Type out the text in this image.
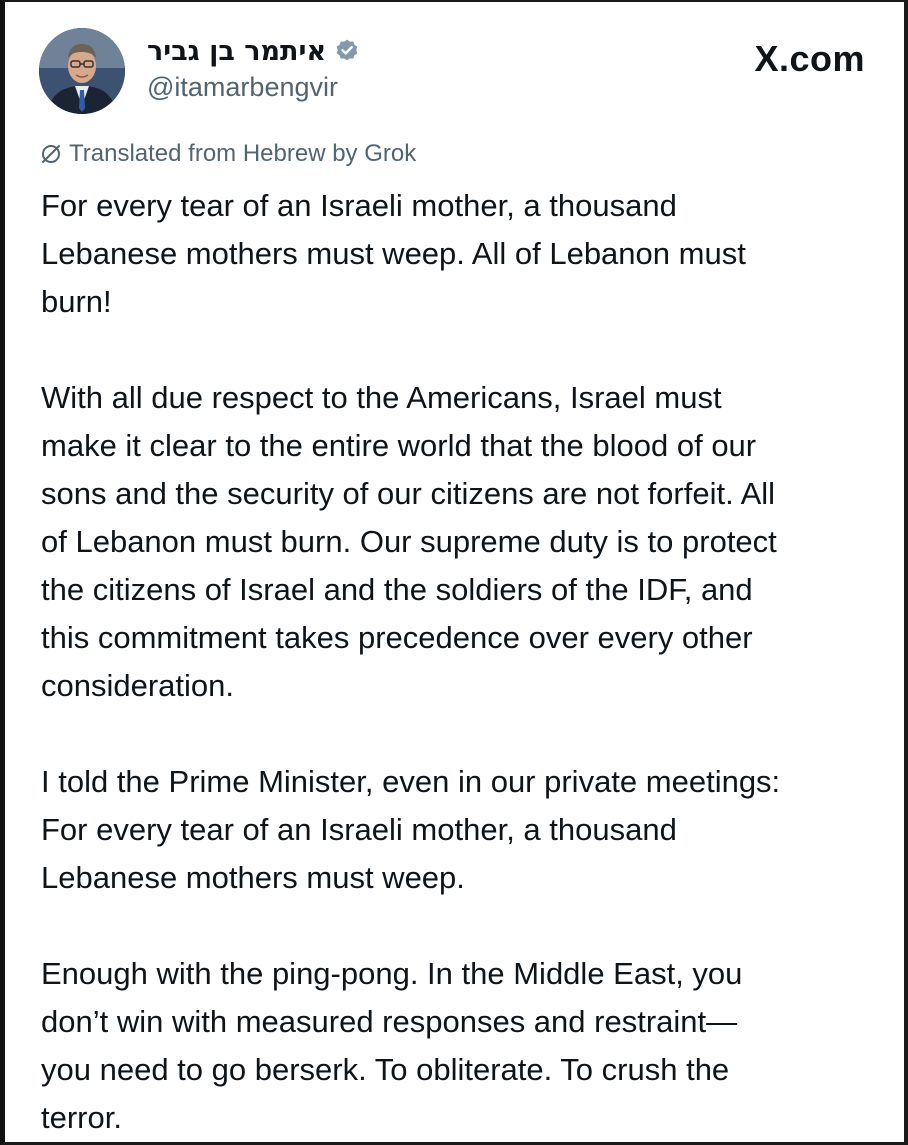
איתמר בן גביר
@itamarbengvir
X.com
Translated from Hebrew by Grok

For every tear of an Israeli mother, a thousand
Lebanese mothers must weep. All of Lebanon must
burn!

With all due respect to the Americans, Israel must
make it clear to the entire world that the blood of our
sons and the security of our citizens are not forfeit. All
of Lebanon must burn. Our supreme duty is to protect
the citizens of Israel and the soldiers of the IDF, and
this commitment takes precedence over every other
consideration.

I told the Prime Minister, even in our private meetings:
For every tear of an Israeli mother, a thousand
Lebanese mothers must weep.

Enough with the ping-pong. In the Middle East, you
don’t win with measured responses and restraint—
you need to go berserk. To obliterate. To crush the
terror.
